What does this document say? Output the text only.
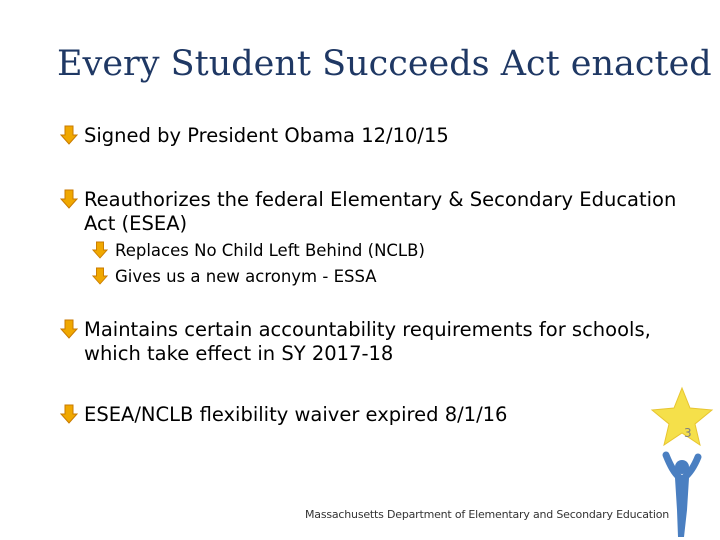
Every Student Succeeds Act enacted
Signed by President Obama 12/10/15
Reauthorizes the federal Elementary & Secondary Education Act (ESEA)
Replaces No Child Left Behind (NCLB)
Gives us a new acronym - ESSA
Maintains certain accountability requirements for schools, which take effect in SY 2017-18
ESEA/NCLB flexibility waiver expired 8/1/16
3
Massachusetts Department of Elementary and Secondary Education
